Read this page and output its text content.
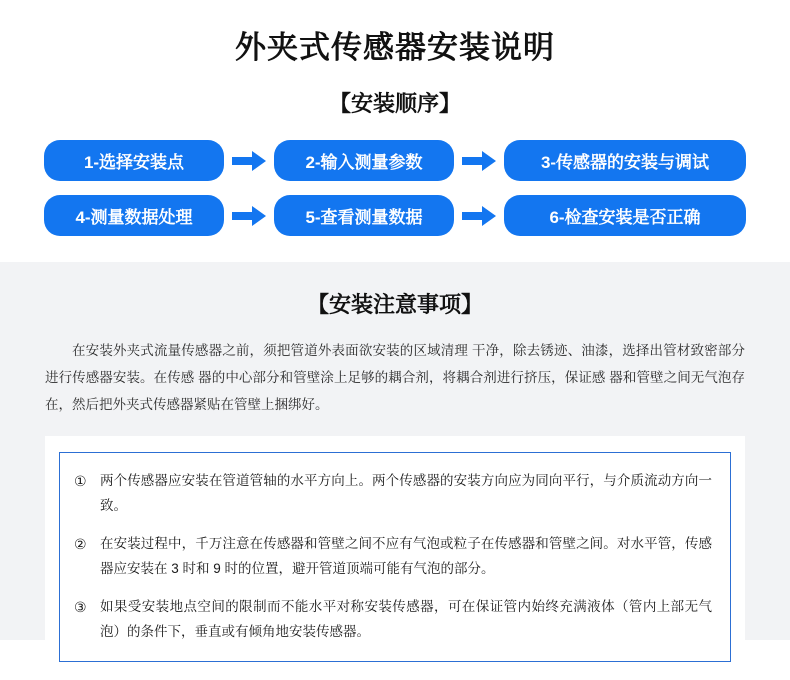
外夹式传感器安装说明
【安装顺序】
1-选择安装点	2-输入测量参数	3-传感器的安装与调试
4-测量数据处理	5-查看测量数据	6-检查安装是否正确
【安装注意事项】

在安装外夹式流量传感器之前，须把管道外表面欲安装的区域清理 干净，除去锈迹、油漆，选择出管材致密部分进行传感器安装。在传感 器的中心部分和管壁涂上足够的耦合剂，将耦合剂进行挤压，保证感 器和管壁之间无气泡存在，然后把外夹式传感器紧贴在管壁上捆绑好。

① 两个传感器应安装在管道管轴的水平方向上。两个传感器的安装方向应为同向平行，与介质流动方向一致。
② 在安装过程中，千万注意在传感器和管壁之间不应有气泡或粒子在传感器和管壁之间。对水平管，传感器应安装在 3 时和 9 时的位置，避开管道顶端可能有气泡的部分。
③ 如果受安装地点空间的限制而不能水平对称安装传感器，可在保证管内始终充满液体（管内上部无气泡）的条件下，垂直或有倾角地安装传感器。
